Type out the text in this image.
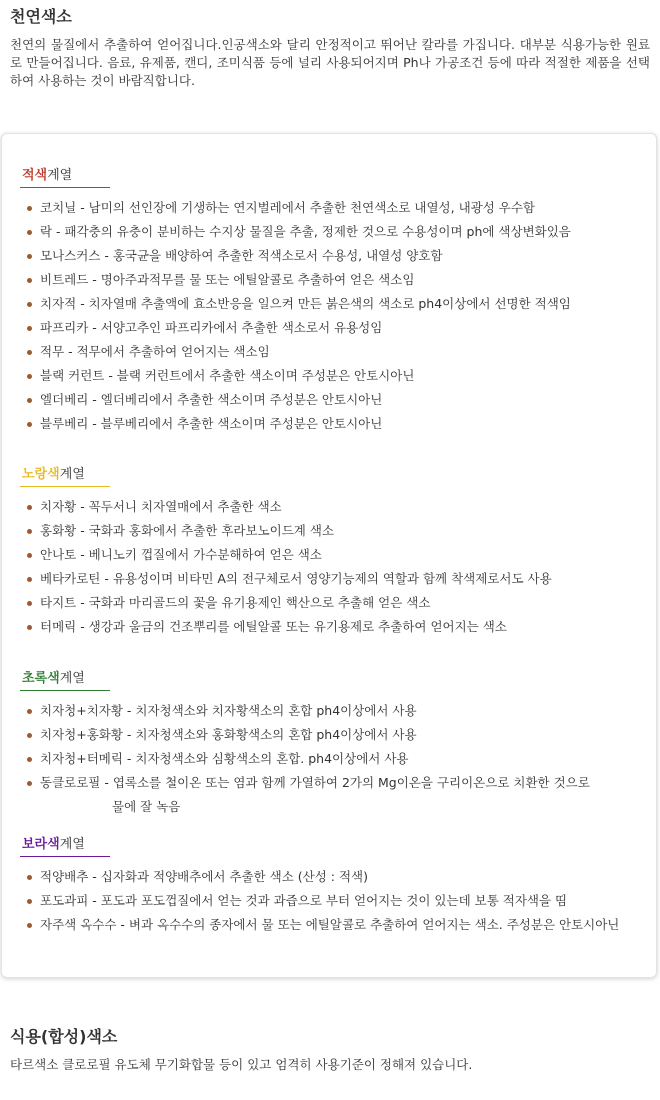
천연색소

천연의 물질에서 추출하여 얻어집니다.인공색소와 달리 안정적이고 뛰어난 칼라를 가집니다. 대부분 식용가능한 원료로 만들어집니다. 음료, 유제품, 캔디, 조미식품 등에 널리 사용되어지며 Ph나 가공조건 등에 따라 적절한 제품을 선택하여 사용하는 것이 바람직합니다.

적색계열
코치닐 - 남미의 선인장에 기생하는 연지벌레에서 추출한 천연색소로 내열성, 내광성 우수함
락 - 패각충의 유충이 분비하는 수지상 물질을 추출, 정제한 것으로 수용성이며 ph에 색상변화있음
모나스커스 - 홍국균을 배양하여 추출한 적색소로서 수용성, 내열성 양호함
비트레드 - 명아주과적무를 물 또는 에틸알콜로 추출하여 얻은 색소임
치자적 - 치자열매 추출액에 효소반응을 일으켜 만든 붉은색의 색소로 ph4이상에서 선명한 적색임
파프리카 - 서양고추인 파프리카에서 추출한 색소로서 유용성임
적무 - 적무에서 추출하여 얻어지는 색소임
블랙 커런트 - 블랙 커런트에서 추출한 색소이며 주성분은 안토시아닌
엘더베리 - 엘더베리에서 추출한 색소이며 주성분은 안토시아닌
블루베리 - 블루베리에서 추출한 색소이며 주성분은 안토시아닌
노랑색계열
치자황 - 꼭두서니 치자열매에서 추출한 색소
홍화황 - 국화과 홍화에서 추출한 후라보노이드계 색소
안나토 - 베니노키 껍질에서 가수분해하여 얻은 색소
베타카로틴 - 유용성이며 비타민 A의 전구체로서 영양기능제의 역할과 함께 착색제로서도 사용
타지트 - 국화과 마리골드의 꽃을 유기용제인 핵산으로 추출해 얻은 색소
터메릭 - 생강과 울금의 건조뿌리를 에틸알콜 또는 유기용제로 추출하여 얻어지는 색소
초록색계열
치자청+치자황 - 치자청색소와 치자황색소의 혼합 ph4이상에서 사용
치자청+홍화황 - 치자청색소와 홍화황색소의 혼합 ph4이상에서 사용
치자청+터메릭 - 치자청색소와 심황색소의 혼합. ph4이상에서 사용
동클로로필 - 엽록소를 철이온 또는 염과 함께 가열하여 2가의 Mg이온을 구리이온으로 치환한 것으로
물에 잘 녹음
보라색계열
적양배추 - 십자화과 적양배추에서 추출한 색소 (산성 : 적색)
포도과피 - 포도과 포도껍질에서 얻는 것과 과즙으로 부터 얻어지는 것이 있는데 보통 적자색을 띰
자주색 옥수수 - 벼과 옥수수의 종자에서 물 또는 에틸알콜로 추출하여 얻어지는 색소. 주성분은 안토시아닌
식용(합성)색소

타르색소 클로로필 유도체 무기화합물 등이 있고 엄격히 사용기준이 정해져 있습니다.
